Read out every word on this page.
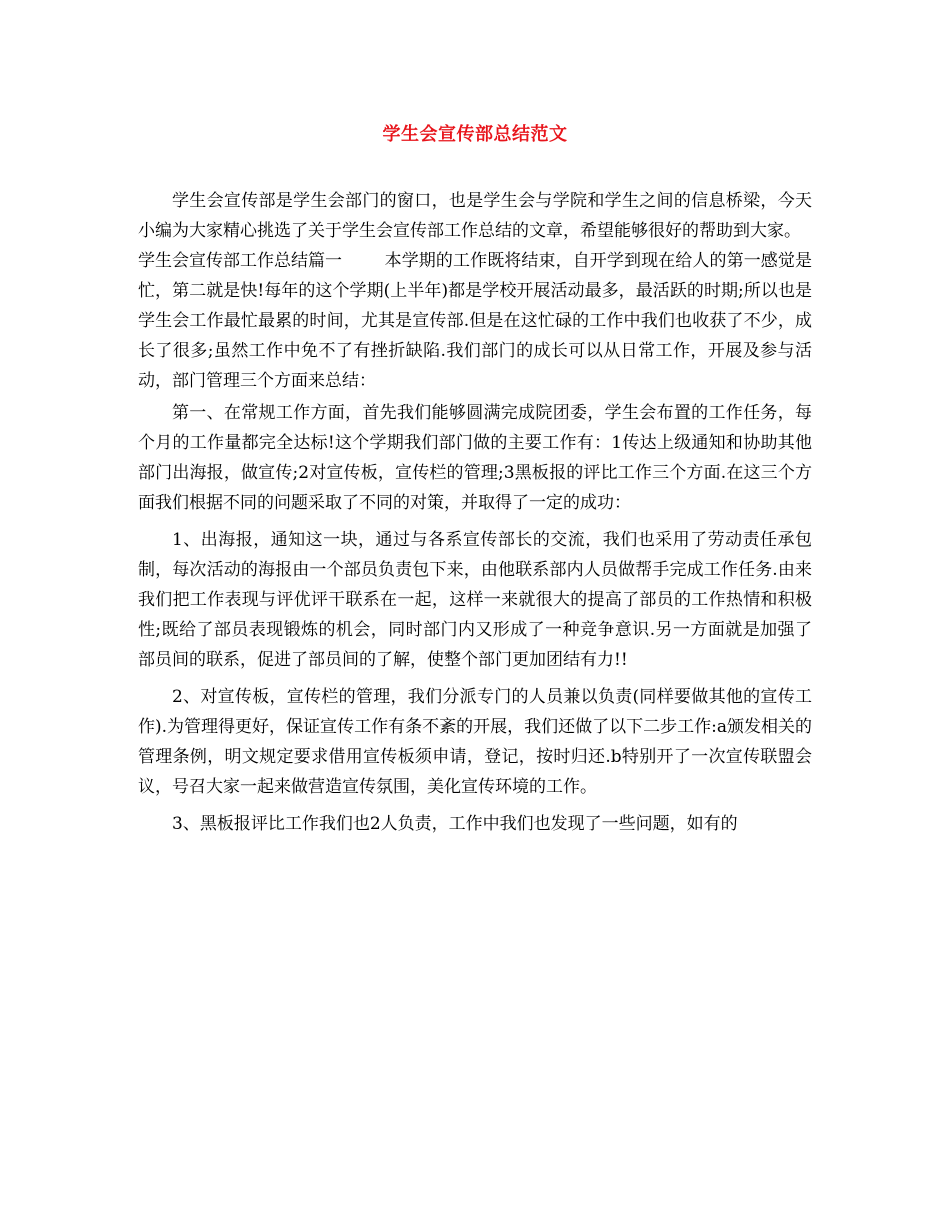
学生会宣传部总结范文

学生会宣传部是学生会部门的窗口，也是学生会与学院和学生之间的信息桥梁，今天小编为大家精心挑选了关于学生会宣传部工作总结的文章，希望能够很好的帮助到大家。

学生会宣传部工作总结篇一	本学期的工作既将结束，自开学到现在给人的第一感觉是忙，第二就是快!每年的这个学期(上半年)都是学校开展活动最多，最活跃的时期;所以也是学生会工作最忙最累的时间，尤其是宣传部.但是在这忙碌的工作中我们也收获了不少，成长了很多;虽然工作中免不了有挫折缺陷.我们部门的成长可以从日常工作，开展及参与活动，部门管理三个方面来总结：

第一、在常规工作方面，首先我们能够圆满完成院团委，学生会布置的工作任务，每个月的工作量都完全达标!这个学期我们部门做的主要工作有：1传达上级通知和协助其他部门出海报，做宣传;2对宣传板，宣传栏的管理;3黑板报的评比工作三个方面.在这三个方面我们根据不同的问题采取了不同的对策，并取得了一定的成功：

1、出海报，通知这一块，通过与各系宣传部长的交流，我们也采用了劳动责任承包制，每次活动的海报由一个部员负责包下来，由他联系部内人员做帮手完成工作任务.由来我们把工作表现与评优评干联系在一起，这样一来就很大的提高了部员的工作热情和积极性;既给了部员表现锻炼的机会，同时部门内又形成了一种竞争意识.另一方面就是加强了部员间的联系，促进了部员间的了解，使整个部门更加团结有力!!

2、对宣传板，宣传栏的管理，我们分派专门的人员兼以负责(同样要做其他的宣传工作).为管理得更好，保证宣传工作有条不紊的开展，我们还做了以下二步工作:a颁发相关的管理条例，明文规定要求借用宣传板须申请，登记，按时归还.b特别开了一次宣传联盟会议，号召大家一起来做营造宣传氛围，美化宣传环境的工作。

3、黑板报评比工作我们也2人负责，工作中我们也发现了一些问题，如有的
